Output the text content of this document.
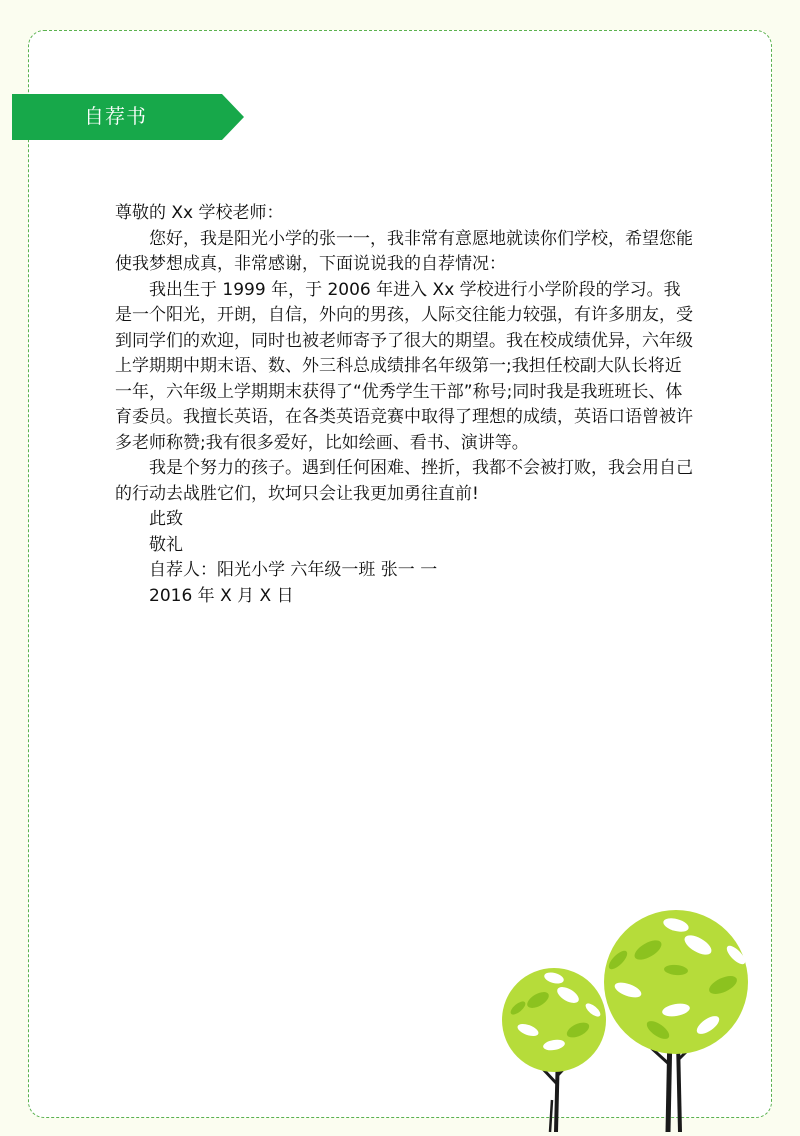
自荐书

尊敬的 Xx 学校老师：

您好，我是阳光小学的张一一，我非常有意愿地就读你们学校，希望您能使我梦想成真，非常感谢，下面说说我的自荐情况：

我出生于 1999 年，于 2006 年进入 Xx 学校进行小学阶段的学习。我是一个阳光，开朗，自信，外向的男孩，人际交往能力较强，有许多朋友，受到同学们的欢迎，同时也被老师寄予了很大的期望。我在校成绩优异，六年级上学期期中期末语、数、外三科总成绩排名年级第一;我担任校副大队长将近一年，六年级上学期期末获得了“优秀学生干部”称号;同时我是我班班长、体育委员。我擅长英语，在各类英语竞赛中取得了理想的成绩，英语口语曾被许多老师称赞;我有很多爱好，比如绘画、看书、演讲等。

我是个努力的孩子。遇到任何困难、挫折，我都不会被打败，我会用自己的行动去战胜它们，坎坷只会让我更加勇往直前!

此致

敬礼

自荐人：阳光小学 六年级一班 张一 一

2016 年 X 月 X 日
